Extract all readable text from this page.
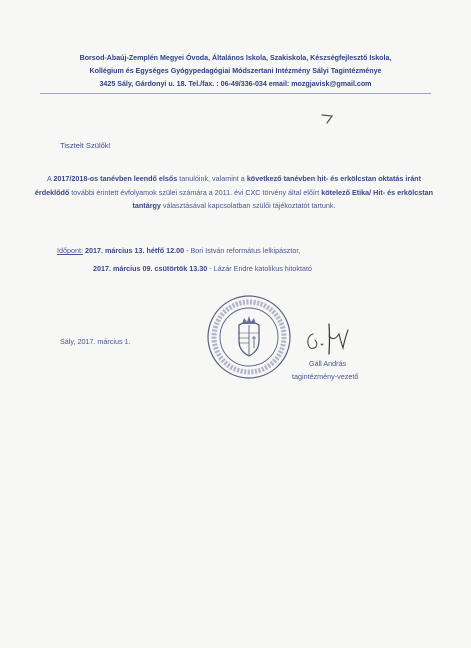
Borsod-Abaúj-Zemplén Megyei Óvoda, Általános Iskola, Szakiskola, Készségfejlesztő Iskola,
Kollégium és Egységes Gyógypedagógiai Módszertani Intézmény Sályi Tagintézménye
3425 Sály, Gárdonyi u. 18. Tel./fax. : 06-49/336-034 email: mozgjavisk@gmail.com
Tisztelt Szülők!
A 2017/2018-os tanévben leendő elsős tanulóink, valamint a következő tanévben hit- és erkölcstan oktatás iránt érdeklődő további érintett évfolyamok szülei számára a 2011. évi CXC törvény által előírt kötelező Etika/ Hit- és erkölcstan tantárgy választásával kapcsolatban szülői tájékoztatót tartunk.
Időpont: 2017. március 13. hétfő 12.00 - Bori István református lelkipásztor,
2017. március 09. csütörtök 13.30 - Lázár Endre katolikus hitoktató
Sály, 2017. március 1.
Gáll András
tagintézmény-vezető
